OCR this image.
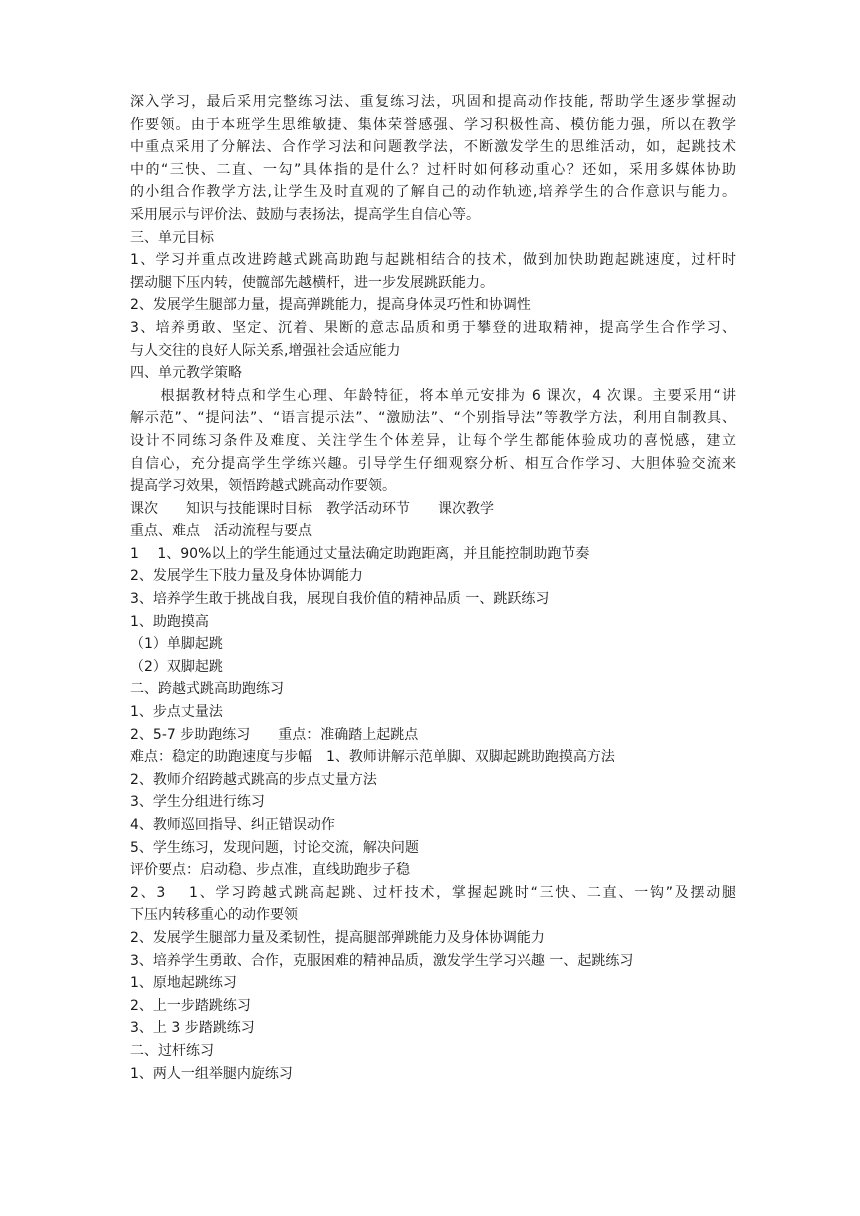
深入学习，最后采用完整练习法、重复练习法，巩固和提高动作技能, 帮助学生逐步掌握动
作要领。由于本班学生思维敏捷、集体荣誉感强、学习积极性高、模仿能力强，所以在教学
中重点采用了分解法、合作学习法和问题教学法，不断激发学生的思维活动，如，起跳技术
中的“三快、二直、一勾”具体指的是什么？过杆时如何移动重心？还如，采用多媒体协助
的小组合作教学方法,让学生及时直观的了解自己的动作轨迹,培养学生的合作意识与能力。
采用展示与评价法、鼓励与表扬法，提高学生自信心等。
三、单元目标
1、学习并重点改进跨越式跳高助跑与起跳相结合的技术，做到加快助跑起跳速度，过杆时
摆动腿下压内转，使髋部先越横杆，进一步发展跳跃能力。
2、发展学生腿部力量，提高弹跳能力，提高身体灵巧性和协调性
3、培养勇敢、坚定、沉着、果断的意志品质和勇于攀登的进取精神，提高学生合作学习、
与人交往的良好人际关系,增强社会适应能力
四、单元教学策略
　　根据教材特点和学生心理、年龄特征，将本单元安排为 6 课次，4 次课。主要采用“讲
解示范”、“提问法”、“语言提示法”、“激励法”、“个别指导法”等教学方法，利用自制教具、
设计不同练习条件及难度、关注学生个体差异，让每个学生都能体验成功的喜悦感，建立
自信心，充分提高学生学练兴趣。引导学生仔细观察分析、相互合作学习、大胆体验交流来
提高学习效果，领悟跨越式跳高动作要领。
课次　　知识与技能课时目标　教学活动环节　　课次教学
重点、难点　活动流程与要点
1　 1、90%以上的学生能通过丈量法确定助跑距离，并且能控制助跑节奏
2、发展学生下肢力量及身体协调能力
3、培养学生敢于挑战自我，展现自我价值的精神品质 一、跳跃练习
1、助跑摸高
（1）单脚起跳
（2）双脚起跳
二、跨越式跳高助跑练习
1、步点丈量法
2、5-7 步助跑练习　　重点：准确踏上起跳点
难点：稳定的助跑速度与步幅　1、教师讲解示范单脚、双脚起跳助跑摸高方法
2、教师介绍跨越式跳高的步点丈量方法
3、学生分组进行练习
4、教师巡回指导、纠正错误动作
5、学生练习，发现问题，讨论交流，解决问题
评价要点：启动稳、步点准，直线助跑步子稳
2、3　 1、学习跨越式跳高起跳、过杆技术，掌握起跳时“三快、二直、一钩”及摆动腿
下压内转移重心的动作要领
2、发展学生腿部力量及柔韧性，提高腿部弹跳能力及身体协调能力
3、培养学生勇敢、合作，克服困难的精神品质，激发学生学习兴趣 一、起跳练习
1、原地起跳练习
2、上一步踏跳练习
3、上 3 步踏跳练习
二、过杆练习
1、两人一组举腿内旋练习
